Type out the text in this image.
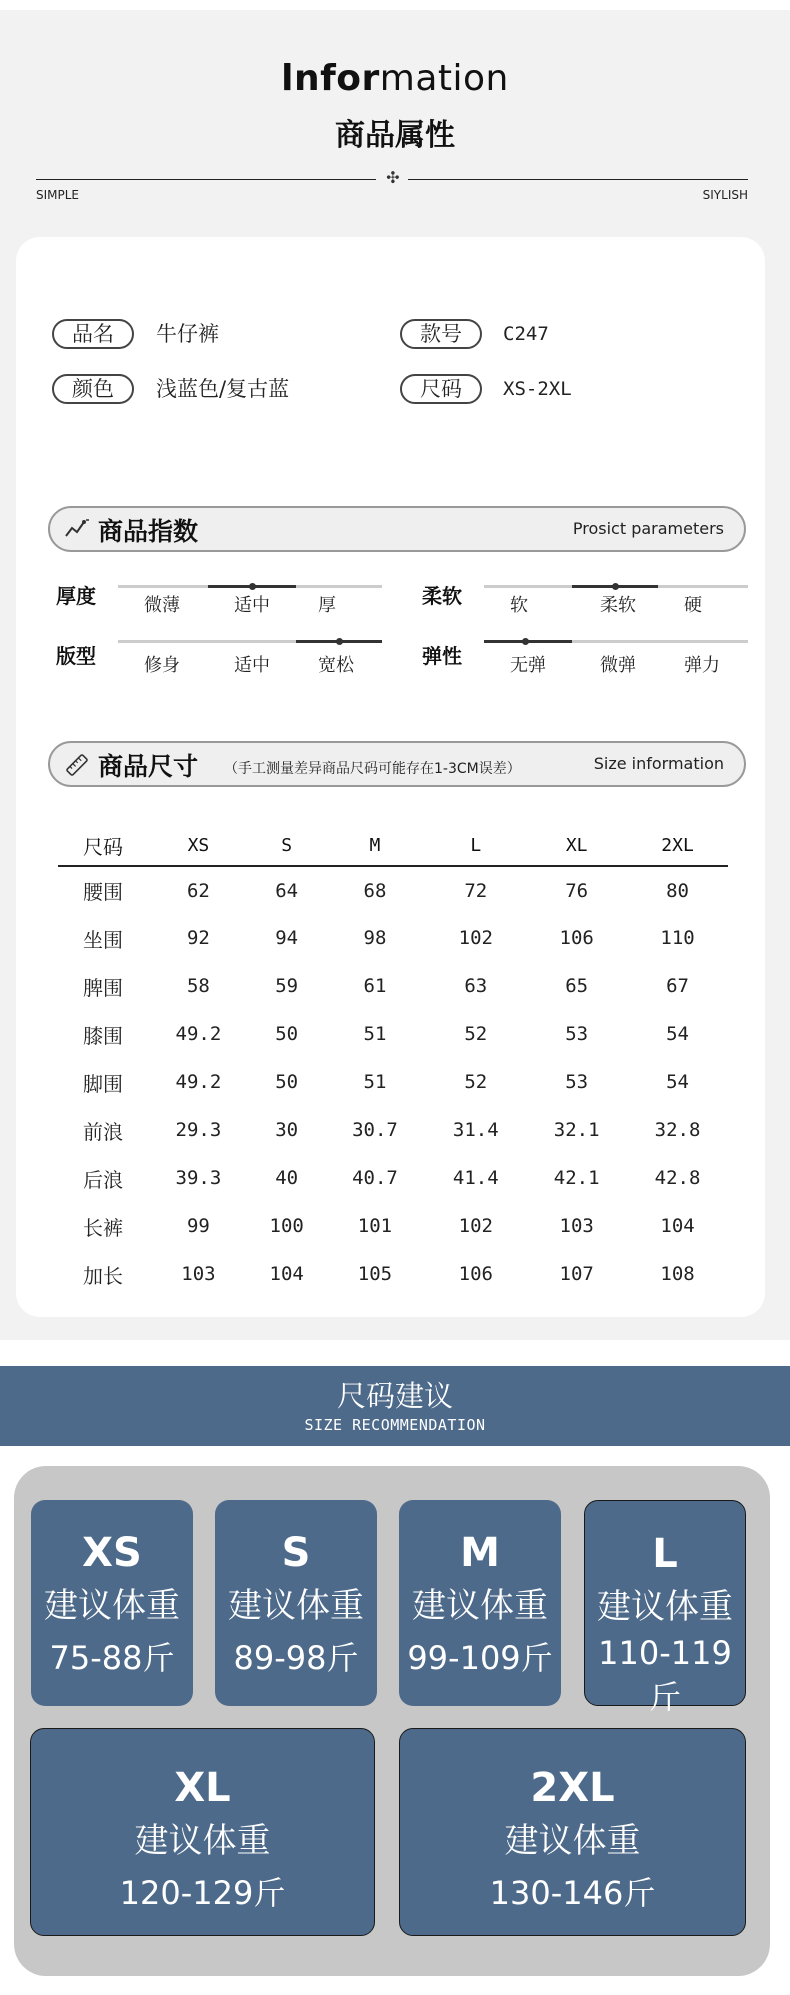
lnformation
商品属性
✣
SIMPLE	SIYLISH
品名	牛仔裤	款号	C247
颜色	浅蓝色/复古蓝	尺码	XS-2XL
商品指数	Prosict parameters
厚度	微薄	适中	厚	柔软	软	柔软	硬
版型	修身	适中	宽松	弹性	无弹	微弹	弹力
商品尺寸 （手工测量差异商品尺码可能存在1-3CM误差）	Size information
尺码	XS	S	M	L	XL	2XL
腰围	62	64	68	72	76	80
坐围	92	94	98	102	106	110
脾围	58	59	61	63	65	67
膝围	49.2	50	51	52	53	54
脚围	49.2	50	51	52	53	54
前浪	29.3	30	30.7	31.4	32.1	32.8
后浪	39.3	40	40.7	41.4	42.1	42.8
长裤	99	100	101	102	103	104
加长	103	104	105	106	107	108
尺码建议
SIZE RECOMMENDATION
XS
建议体重
75-88斤
S
建议体重
89-98斤
M
建议体重
99-109斤
L
建议体重
110-119斤
XL
建议体重
120-129斤
2XL
建议体重
130-146斤
